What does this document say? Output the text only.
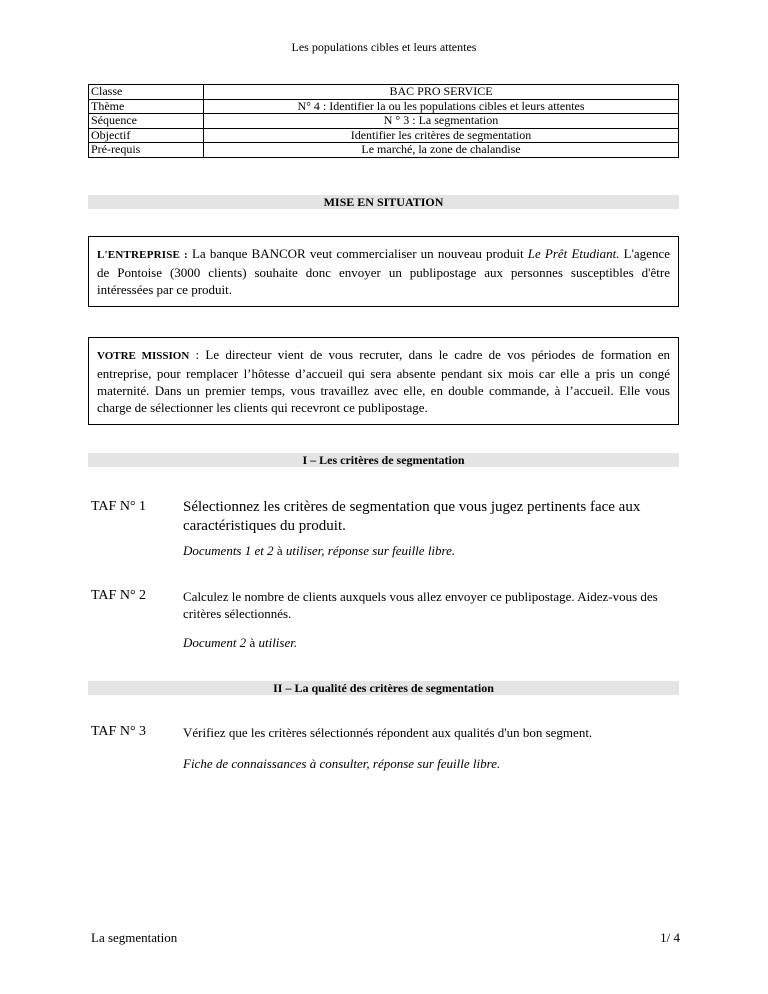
Les populations cibles et leurs attentes
Classe	BAC PRO SERVICE
Thème	N° 4 : Identifier la ou les populations cibles et leurs attentes
Séquence	N ° 3 : La segmentation
Objectif	Identifier les critères de segmentation
Pré-requis	Le marché, la zone de chalandise
MISE EN SITUATION
L'ENTREPRISE : La banque BANCOR veut commercialiser un nouveau produit Le Prêt Etudiant. L'agence de Pontoise (3000 clients) souhaite donc envoyer un publipostage aux personnes susceptibles d'être intéressées par ce produit.
VOTRE MISSION : Le directeur vient de vous recruter, dans le cadre de vos périodes de formation en entreprise, pour remplacer l’hôtesse d’accueil qui sera absente pendant six mois car elle a pris un congé maternité. Dans un premier temps, vous travaillez avec elle, en double commande, à l’accueil. Elle vous charge de sélectionner les clients qui recevront ce publipostage.
I – Les critères de segmentation
TAF N° 1 Sélectionnez les critères de segmentation que vous jugez pertinents face aux caractéristiques du produit.
Documents 1 et 2 à utiliser, réponse sur feuille libre.
TAF N° 2	Calculez le nombre de clients auxquels vous allez envoyer ce publipostage. Aidez-vous des critères sélectionnés.
Document 2 à utiliser.
II – La qualité des critères de segmentation
TAF N° 3	Vérifiez que les critères sélectionnés répondent aux qualités d'un bon segment.
Fiche de connaissances à consulter, réponse sur feuille libre.
La segmentation	1/ 4
